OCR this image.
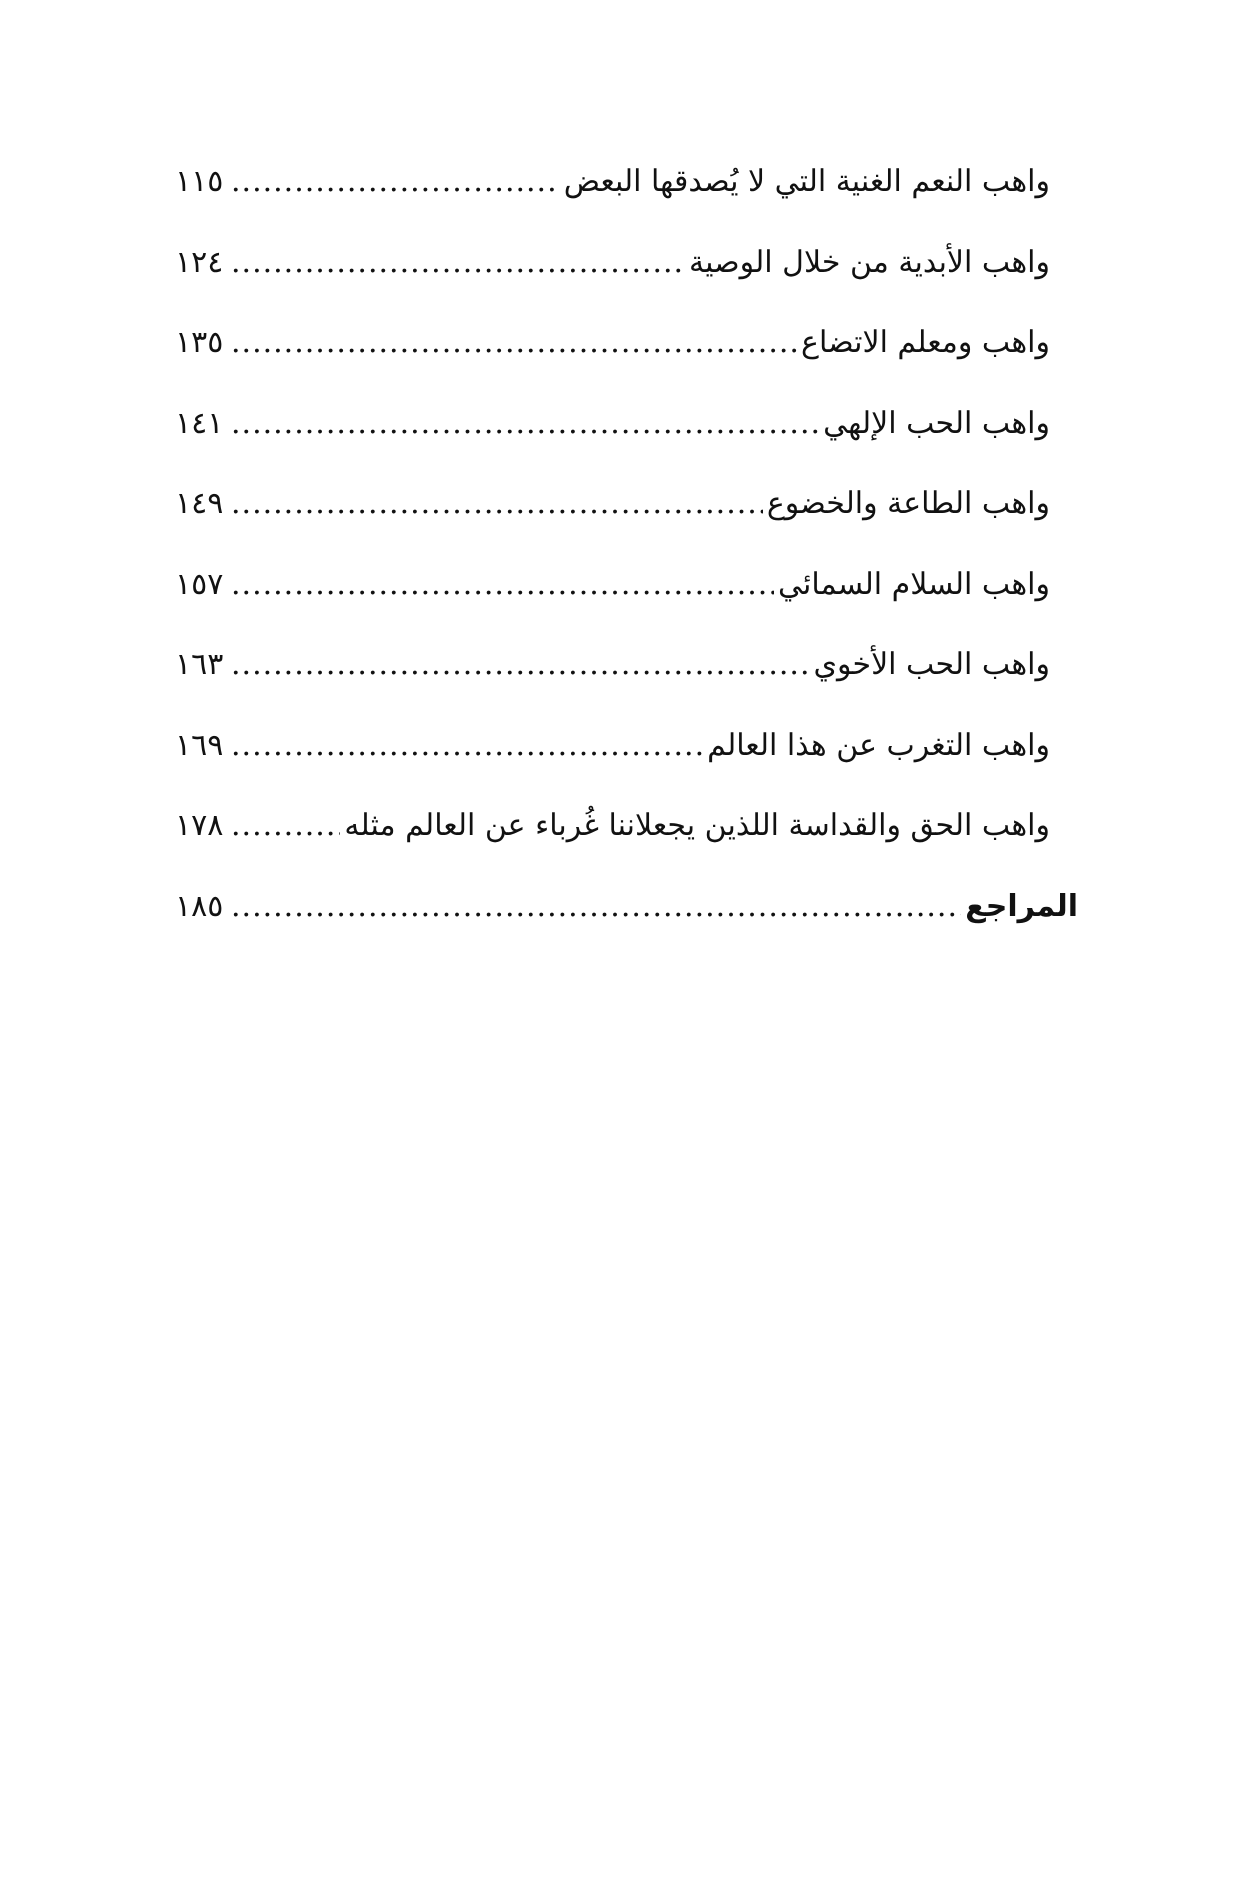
واهب النعم الغنية التي لا يُصدقها البعض
.....
١١٥
واهب الأبدية من خلال الوصية
.....
١٢٤
واهب ومعلم الاتضاع
.....
١٣٥
واهب الحب الإلهي
.....
١٤١
واهب الطاعة والخضوع
.....
١٤٩
واهب السلام السمائي
.....
١٥٧
واهب الحب الأخوي
.....
١٦٣
واهب التغرب عن هذا العالم
.....
١٦٩
واهب الحق والقداسة اللذين يجعلاننا غُرباء عن العالم مثله
.....
١٧٨
المراجع
.....
١٨٥
